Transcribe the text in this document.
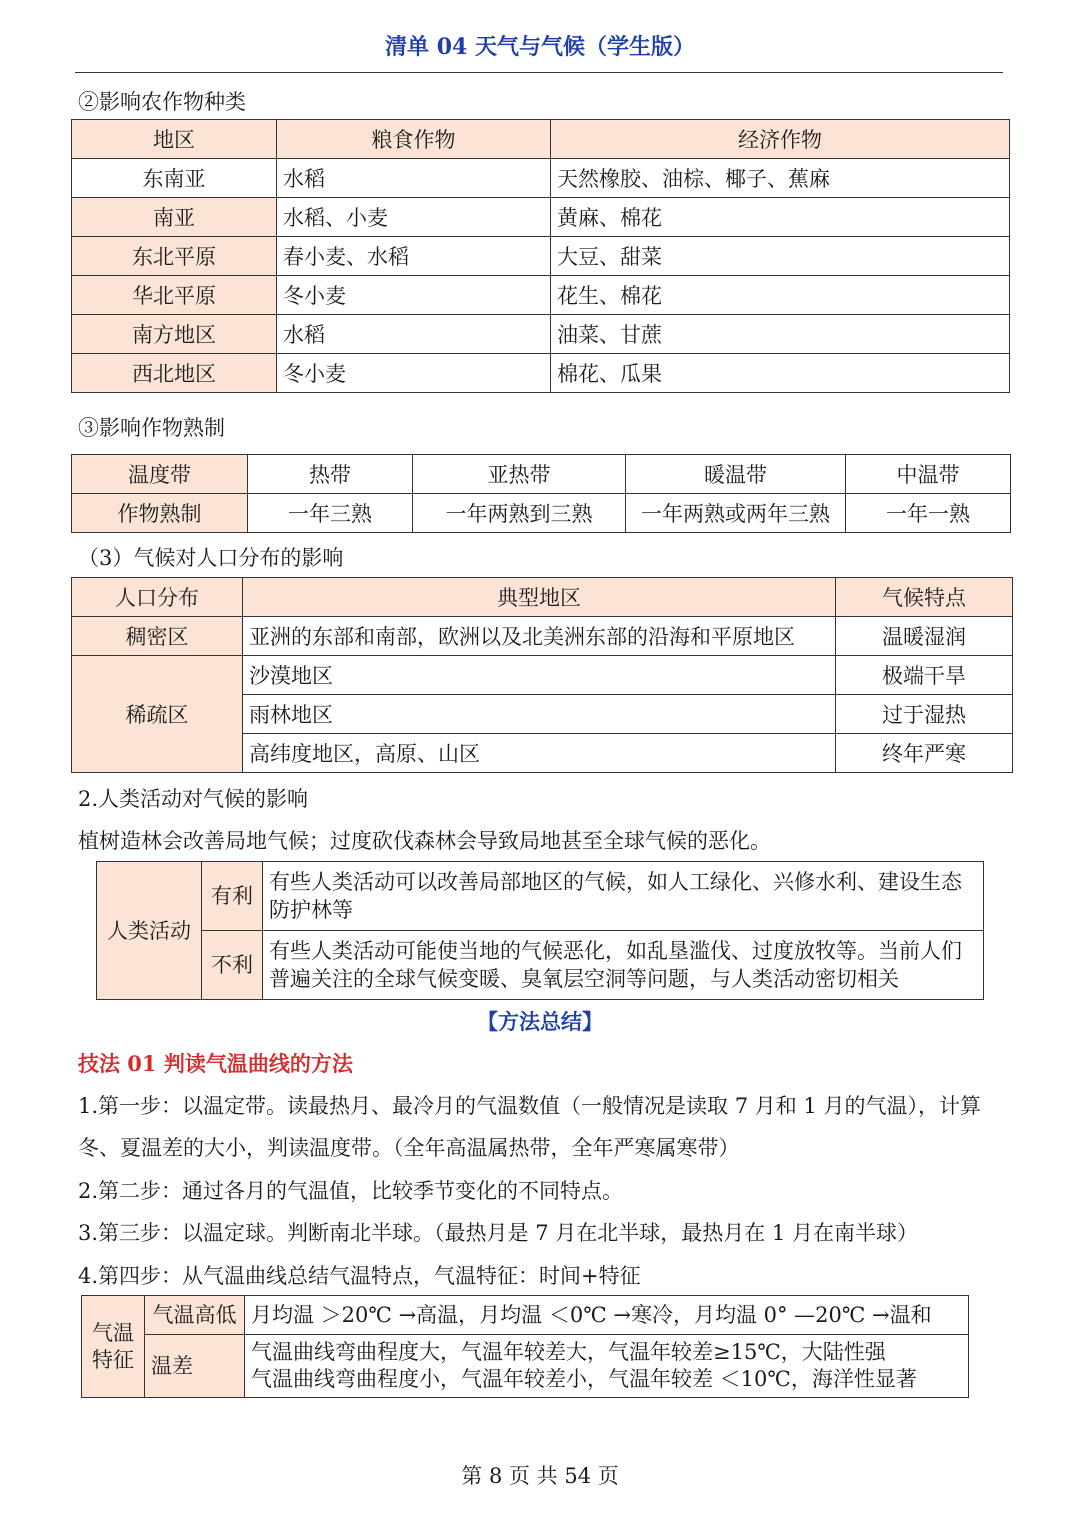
清单 04 天气与气候（学生版）
②影响农作物种类
地区	粮食作物	经济作物
东南亚	水稻	天然橡胶、油棕、椰子、蕉麻
南亚	水稻、小麦	黄麻、棉花
东北平原	春小麦、水稻	大豆、甜菜
华北平原	冬小麦	花生、棉花
南方地区	水稻	油菜、甘蔗
西北地区	冬小麦	棉花、瓜果
③影响作物熟制
温度带	热带	亚热带	暖温带	中温带
作物熟制	一年三熟	一年两熟到三熟	一年两熟或两年三熟	一年一熟
（3）气候对人口分布的影响
人口分布	典型地区	气候特点
稠密区	亚洲的东部和南部，欧洲以及北美洲东部的沿海和平原地区	温暖湿润
稀疏区	沙漠地区	极端干旱
	雨林地区	过于湿热
	高纬度地区，高原、山区	终年严寒
2.人类活动对气候的影响
植树造林会改善局地气候；过度砍伐森林会导致局地甚至全球气候的恶化。
人类活动	有利	有些人类活动可以改善局部地区的气候，如人工绿化、兴修水利、建设生态防护林等
	不利	有些人类活动可能使当地的气候恶化，如乱垦滥伐、过度放牧等。当前人们普遍关注的全球气候变暖、臭氧层空洞等问题，与人类活动密切相关
【方法总结】
技法 01 判读气温曲线的方法
1.第一步：以温定带。读最热月、最冷月的气温数值（一般情况是读取 7 月和 1 月的气温），计算
冬、夏温差的大小，判读温度带。（全年高温属热带，全年严寒属寒带）
2.第二步：通过各月的气温值，比较季节变化的不同特点。
3.第三步：以温定球。判断南北半球。（最热月是 7 月在北半球，最热月在 1 月在南半球）
4.第四步：从气温曲线总结气温特点，气温特征：时间+特征
气温
特征	气温高低	月均温 ＞20℃ →高温，月均温 ＜0℃ →寒冷，月均温 0° —20℃ →温和
	温差	气温曲线弯曲程度大，气温年较差大，气温年较差≥15℃，大陆性强
气温曲线弯曲程度小，气温年较差小，气温年较差 ＜10℃，海洋性显著
第 8 页 共 54 页
